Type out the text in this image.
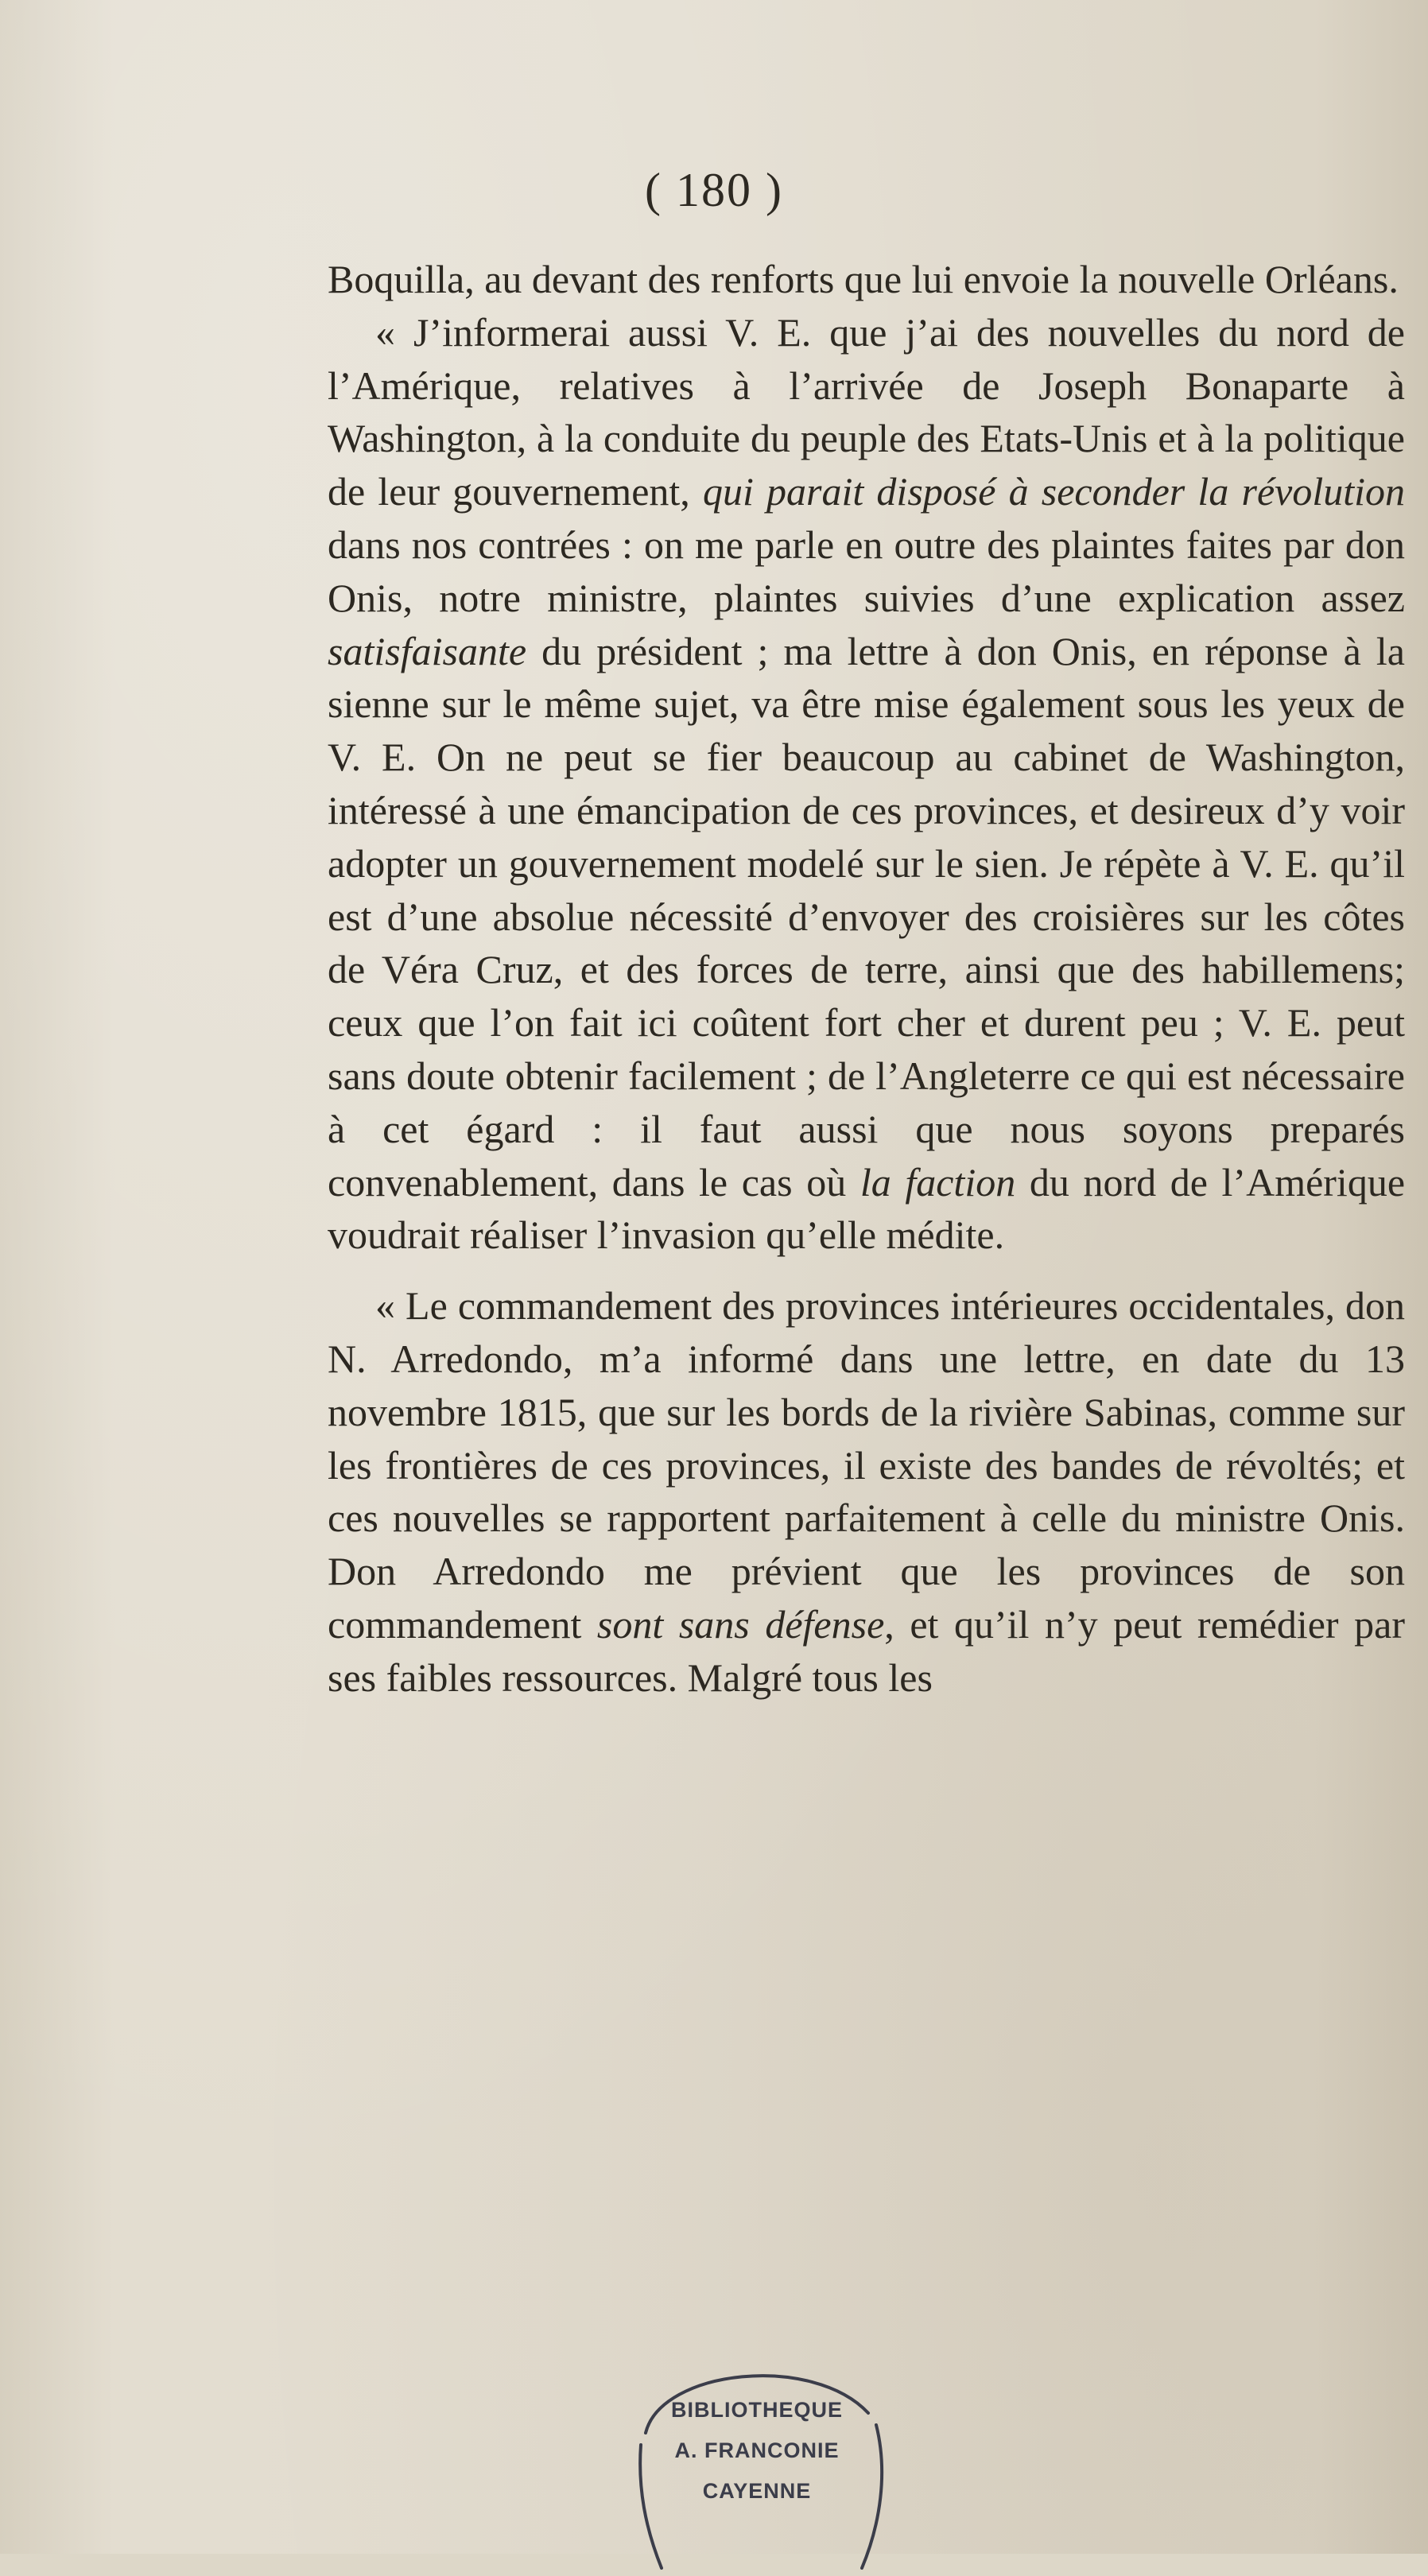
( 180 )

Boquilla, au devant des renforts que lui envoie la nouvelle Orléans.

« J’informerai aussi V. E. que j’ai des nouvelles du nord de l’Amérique, relatives à l’arrivée de Joseph Bonaparte à Washington, à la conduite du peuple des Etats-Unis et à la politique de leur gouvernement, qui parait disposé à seconder la révolution dans nos contrées : on me parle en outre des plaintes faites par don Onis, notre ministre, plaintes suivies d’une explication assez satisfaisante du président ; ma lettre à don Onis, en réponse à la sienne sur le même sujet, va être mise également sous les yeux de V. E. On ne peut se fier beaucoup au cabinet de Washington, intéressé à une émancipation de ces provinces, et desireux d’y voir adopter un gouvernement modelé sur le sien. Je répète à V. E. qu’il est d’une absolue nécessité d’envoyer des croisières sur les côtes de Véra Cruz, et des forces de terre, ainsi que des habillemens; ceux que l’on fait ici coûtent fort cher et durent peu ; V. E. peut sans doute obtenir facilement ; de l’Angleterre ce qui est nécessaire à cet égard : il faut aussi que nous soyons preparés convenablement, dans le cas où la faction du nord de l’Amérique voudrait réaliser l’invasion qu’elle médite.

« Le commandement des provinces intérieures occidentales, don N. Arredondo, m’a informé dans une lettre, en date du 13 novembre 1815, que sur les bords de la rivière Sabinas, comme sur les frontières de ces provinces, il existe des bandes de révoltés; et ces nouvelles se rapportent parfaitement à celle du ministre Onis. Don Arredondo me prévient que les provinces de son commandement sont sans défense, et qu’il n’y peut remédier par ses faibles ressources. Malgré tous les

BIBLIOTHEQUE
A. FRANCONIE
CAYENNE
